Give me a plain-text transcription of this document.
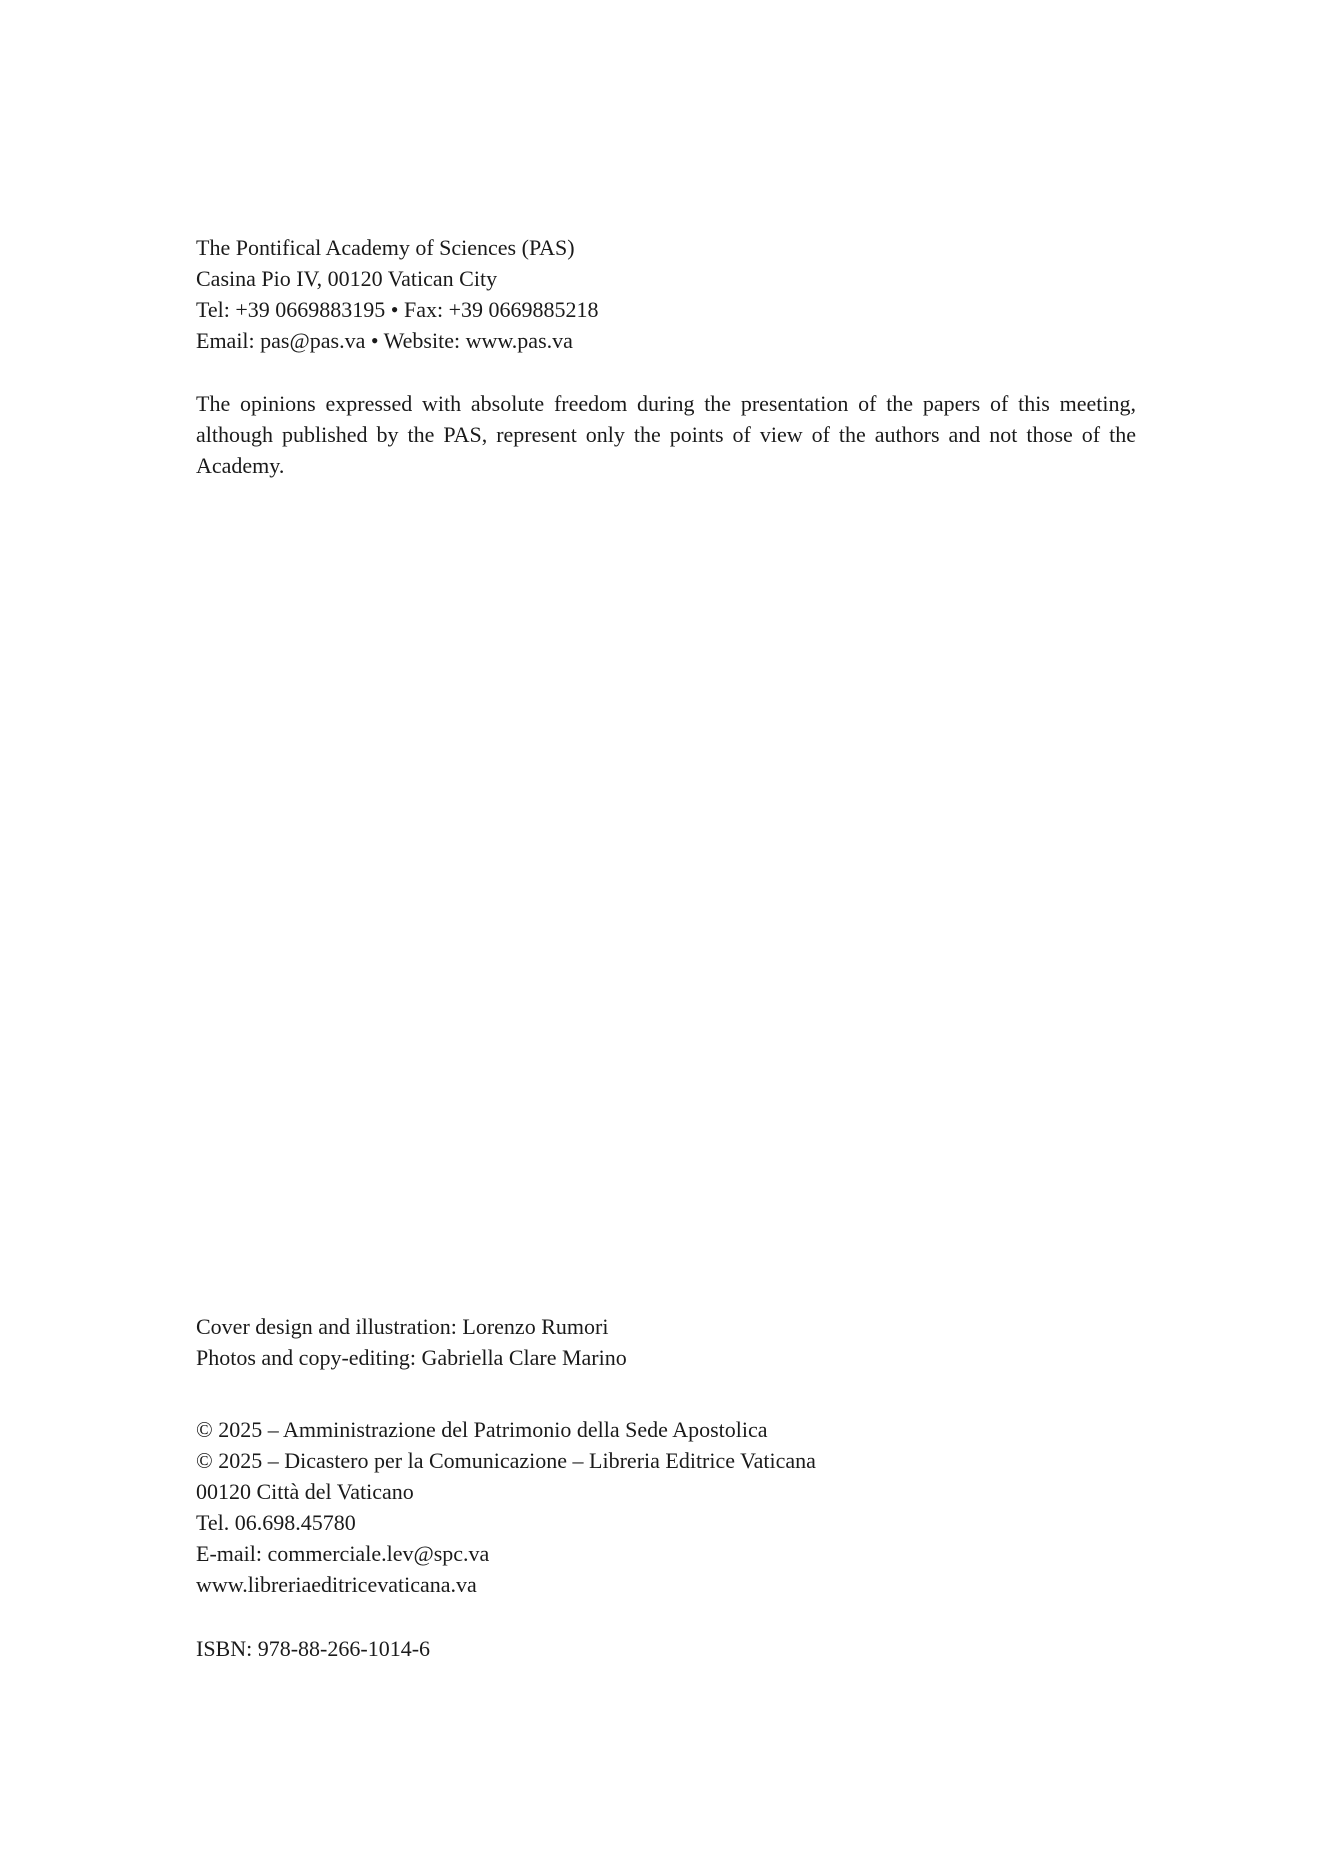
The Pontifical Academy of Sciences (PAS)
Casina Pio IV, 00120 Vatican City
Tel: +39 0669883195 • Fax: +39 0669885218
Email: pas@pas.va • Website: www.pas.va
The opinions expressed with absolute freedom during the presentation of the papers of this meeting, although published by the PAS, represent only the points of view of the authors and not those of the Academy.
Cover design and illustration: Lorenzo Rumori
Photos and copy-editing: Gabriella Clare Marino
© 2025 – Amministrazione del Patrimonio della Sede Apostolica
© 2025 – Dicastero per la Comunicazione – Libreria Editrice Vaticana
00120 Città del Vaticano
Tel. 06.698.45780
E-mail: commerciale.lev@spc.va
www.libreriaeditricevaticana.va
ISBN: 978-88-266-1014-6
